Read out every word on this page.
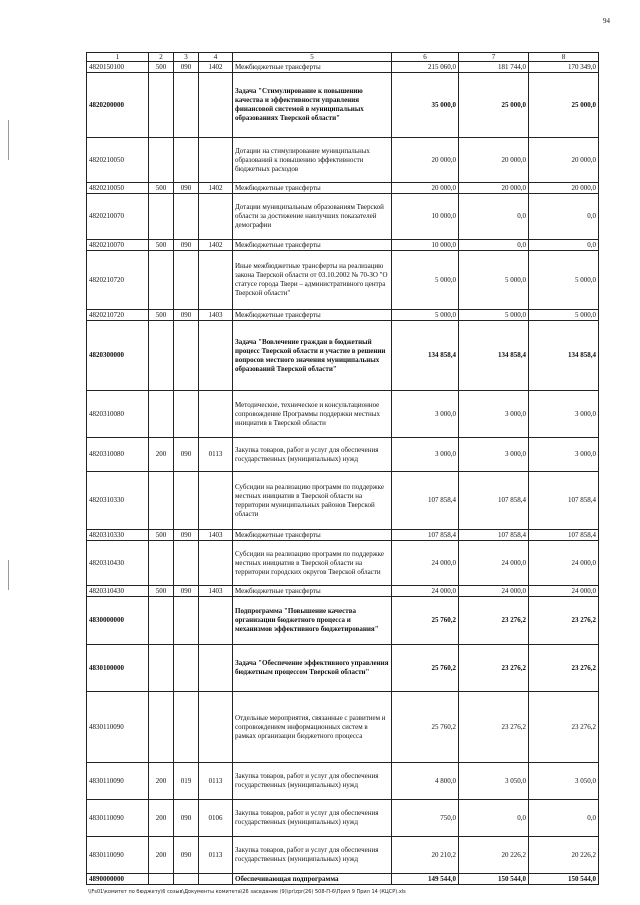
94
1	2	3	4	5	6	7	8
4820150100	500	090	1402	Межбюджетные трансферты	215 060,0	181 744,0	170 349,0
4820200000				Задача "Стимулирование к повышению качества и эффективности управления финансовой системой в муниципальных образованиях Тверской области"	35 000,0	25 000,0	25 000,0
4820210050				Дотации на стимулирование муниципальных образований к повышению эффективности бюджетных расходов	20 000,0	20 000,0	20 000,0
4820210050	500	090	1402	Межбюджетные трансферты	20 000,0	20 000,0	20 000,0
4820210070				Дотации муниципальным образованиям Тверской области за достижение наилучших показателей демографии	10 000,0	0,0	0,0
4820210070	500	090	1402	Межбюджетные трансферты	10 000,0	0,0	0,0
4820210720				Иные межбюджетные трансферты на реализацию закона Тверской области от 03.10.2002 № 70-ЗО "О статусе города Твери – административного центра Тверской области"	5 000,0	5 000,0	5 000,0
4820210720	500	090	1403	Межбюджетные трансферты	5 000,0	5 000,0	5 000,0
4820300000				Задача "Вовлечение граждан в бюджетный процесс Тверской области и участие в решении вопросов местного значения муниципальных образований Тверской области"	134 858,4	134 858,4	134 858,4
4820310080				Методическое, техническое и консультационное сопровождение Программы поддержки местных инициатив в Тверской области	3 000,0	3 000,0	3 000,0
4820310080	200	090	0113	Закупка товаров, работ и услуг для обеспечения государственных (муниципальных) нужд	3 000,0	3 000,0	3 000,0
4820310330				Субсидии на реализацию программ по поддержке местных инициатив в Тверской области на территории муниципальных районов Тверской области	107 858,4	107 858,4	107 858,4
4820310330	500	090	1403	Межбюджетные трансферты	107 858,4	107 858,4	107 858,4
4820310430				Субсидии на реализацию программ по поддержке местных инициатив в Тверской области на территории городских округов Тверской области	24 000,0	24 000,0	24 000,0
4820310430	500	090	1403	Межбюджетные трансферты	24 000,0	24 000,0	24 000,0
4830000000				Подпрограмма "Повышение качества организации бюджетного процесса и механизмов эффективного бюджетирования"	25 760,2	23 276,2	23 276,2
4830100000				Задача "Обеспечение эффективного управления бюджетным процессом Тверской области"	25 760,2	23 276,2	23 276,2
4830110090				Отдельные мероприятия, связанные с развитием и сопровождением информационных систем в рамках организации бюджетного процесса	25 760,2	23 276,2	23 276,2
4830110090	200	019	0113	Закупка товаров, работ и услуг для обеспечения государственных (муниципальных) нужд	4 800,0	3 050,0	3 050,0
4830110090	200	090	0106	Закупка товаров, работ и услуг для обеспечения государственных (муниципальных) нужд	750,0	0,0	0,0
4830110090	200	090	0113	Закупка товаров, работ и услуг для обеспечения государственных (муниципальных) нужд	20 210,2	20 226,2	20 226,2
4890000000				Обеспечивающая подпрограмма	149 544,0	150 544,0	150 544,0
\\Fs01\комитет по бюджету\6 созыв\Документы комитета\26 заседание (9)\pr\zpr(26) 508-П-6\Прил 9 Прил 14 (КЦСР).xls
